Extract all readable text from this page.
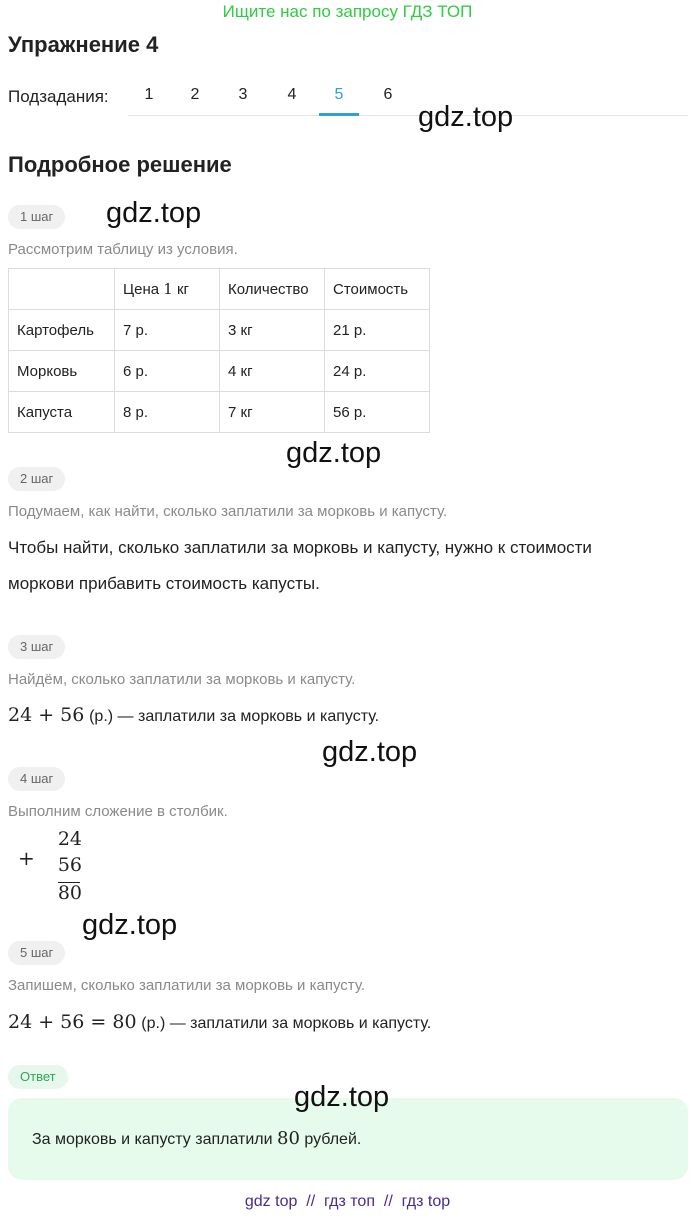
Ищите нас по запросу ГДЗ ТОП
Упражнение 4
Подзадания:	1	2	3	4	5	6
gdz.top
Подробное решение
1 шаг	gdz.top
Рассмотрим таблицу из условия.
	Цена 1 кг	Количество	Стоимость
Картофель	7 р.	3 кг	21 р.
Морковь	6 р.	4 кг	24 р.
Капуста	8 р.	7 кг	56 р.
gdz.top
2 шаг
Подумаем, как найти, сколько заплатили за морковь и капусту.
Чтобы найти, сколько заплатили за морковь и капусту, нужно к стоимости
моркови прибавить стоимость капусты.
3 шаг
Найдём, сколько заплатили за морковь и капусту.
24 + 56 (р.) — заплатили за морковь и капусту.
gdz.top
4 шаг
Выполним сложение в столбик.
+
24
56
80
gdz.top
5 шаг
Запишем, сколько заплатили за морковь и капусту.
24 + 56 = 80 (р.) — заплатили за морковь и капусту.
Ответ
gdz.top
За морковь и капусту заплатили 80 рублей.
gdz top  //  гдз топ  //  гдз top
